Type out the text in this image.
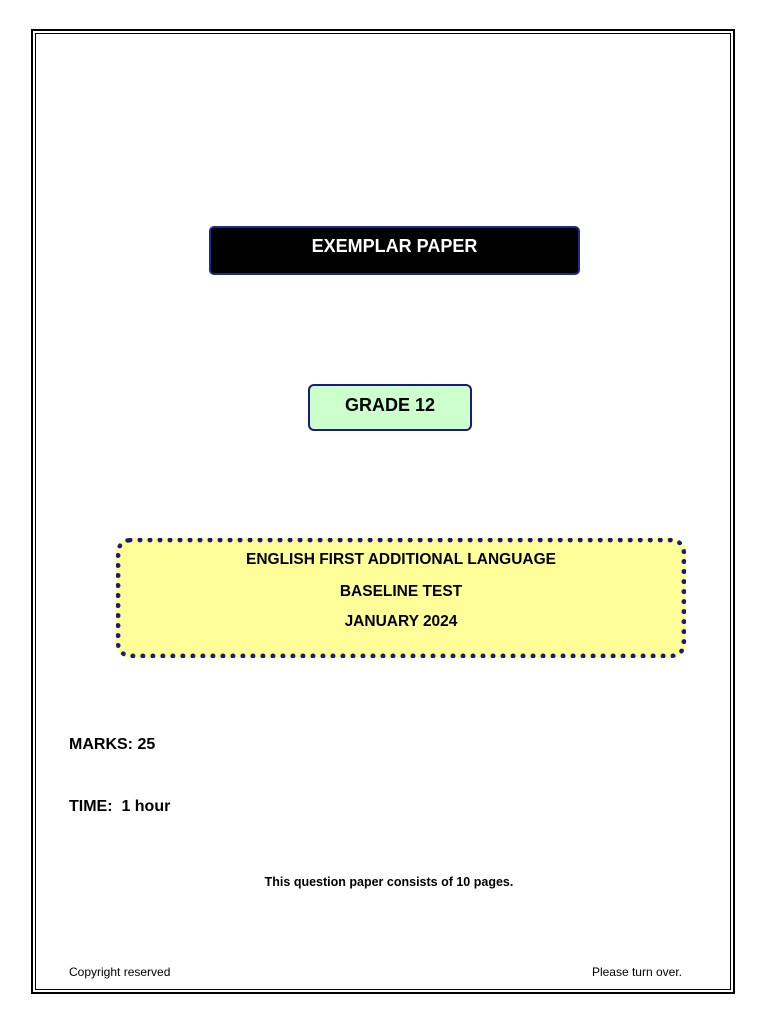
EXEMPLAR PAPER
GRADE 12
ENGLISH FIRST ADDITIONAL LANGUAGE
BASELINE TEST
JANUARY 2024
MARKS: 25
TIME:  1 hour
This question paper consists of 10 pages.
Copyright reserved	Please turn over.
